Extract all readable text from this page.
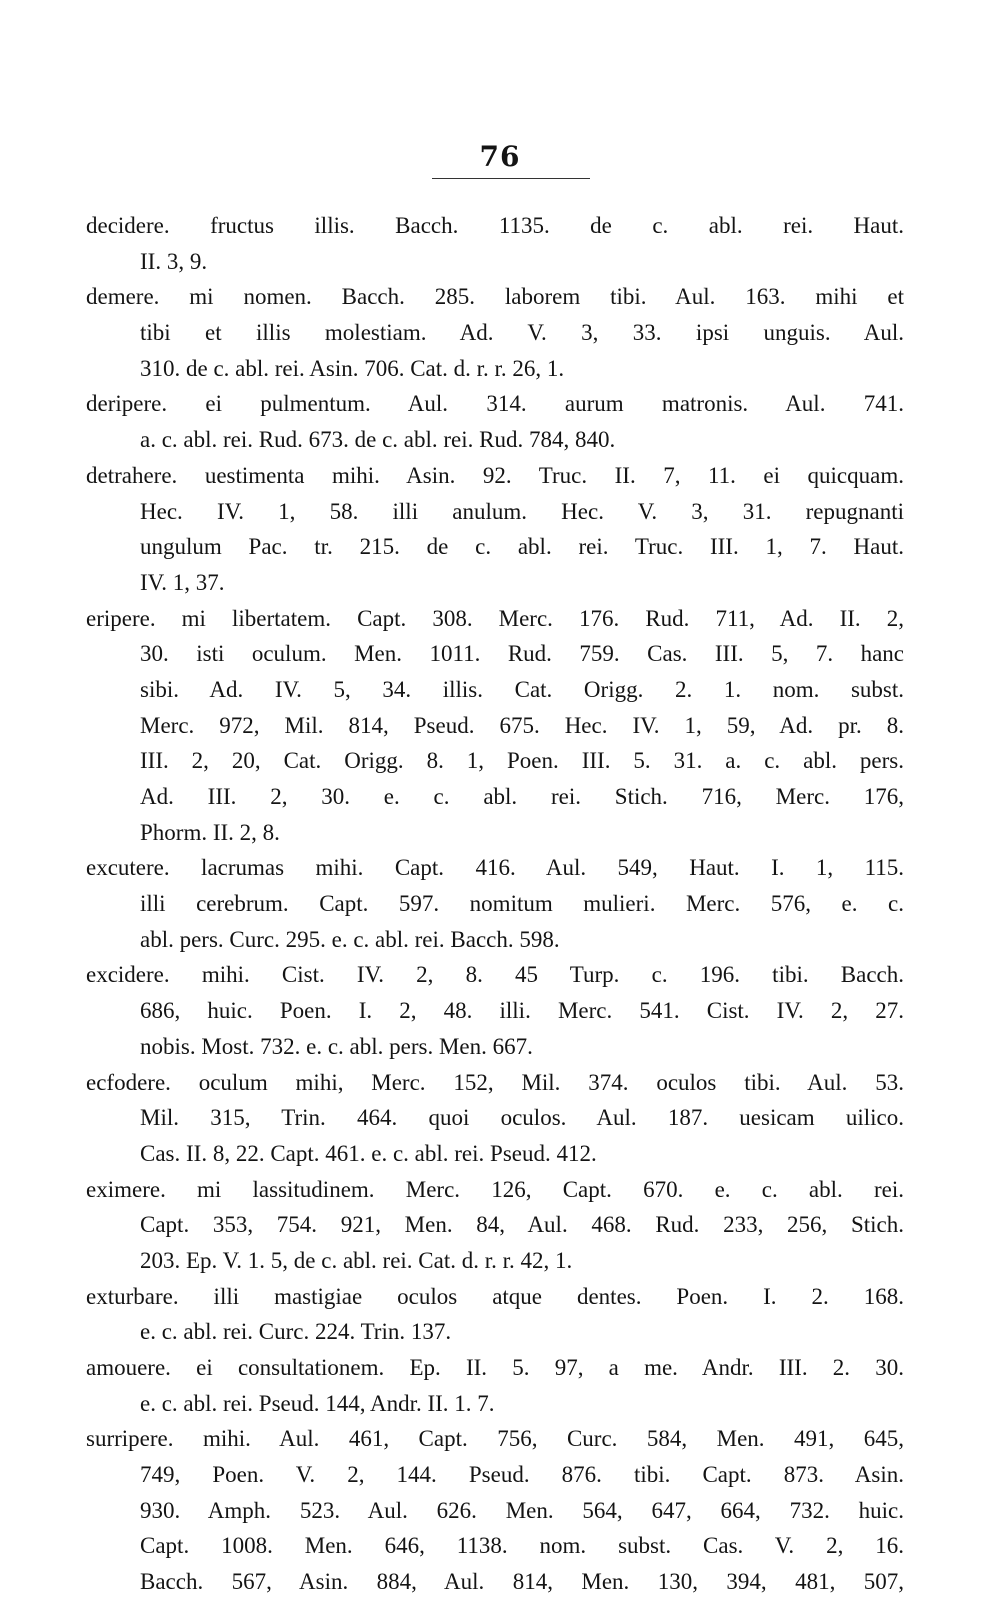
76
decidere. fructus illis. Bacch. 1135. de c. abl. rei. Haut.
II. 3, 9.
demere. mi nomen. Bacch. 285. laborem tibi. Aul. 163. mihi et
tibi et illis molestiam. Ad. V. 3, 33. ipsi unguis. Aul.
310. de c. abl. rei. Asin. 706. Cat. d. r. r. 26, 1.
deripere. ei pulmentum. Aul. 314. aurum matronis. Aul. 741.
a. c. abl. rei. Rud. 673. de c. abl. rei. Rud. 784, 840.
detrahere. uestimenta mihi. Asin. 92. Truc. II. 7, 11. ei quicquam.
Hec. IV. 1, 58. illi anulum. Hec. V. 3, 31. repugnanti
ungulum Pac. tr. 215. de c. abl. rei. Truc. III. 1, 7. Haut.
IV. 1, 37.
eripere. mi libertatem. Capt. 308. Merc. 176. Rud. 711, Ad. II. 2,
30. isti oculum. Men. 1011. Rud. 759. Cas. III. 5, 7. hanc
sibi. Ad. IV. 5, 34. illis. Cat. Origg. 2. 1. nom. subst.
Merc. 972, Mil. 814, Pseud. 675. Hec. IV. 1, 59, Ad. pr. 8.
III. 2, 20, Cat. Origg. 8. 1, Poen. III. 5. 31. a. c. abl. pers.
Ad. III. 2, 30. e. c. abl. rei. Stich. 716, Merc. 176,
Phorm. II. 2, 8.
excutere. lacrumas mihi. Capt. 416. Aul. 549, Haut. I. 1, 115.
illi cerebrum. Capt. 597. nomitum mulieri. Merc. 576, e. c.
abl. pers. Curc. 295. e. c. abl. rei. Bacch. 598.
excidere. mihi. Cist. IV. 2, 8. 45 Turp. c. 196. tibi. Bacch.
686, huic. Poen. I. 2, 48. illi. Merc. 541. Cist. IV. 2, 27.
nobis. Most. 732. e. c. abl. pers. Men. 667.
ecfodere. oculum mihi, Merc. 152, Mil. 374. oculos tibi. Aul. 53.
Mil. 315, Trin. 464. quoi oculos. Aul. 187. uesicam uilico.
Cas. II. 8, 22. Capt. 461. e. c. abl. rei. Pseud. 412.
eximere. mi lassitudinem. Merc. 126, Capt. 670. e. c. abl. rei.
Capt. 353, 754. 921, Men. 84, Aul. 468. Rud. 233, 256, Stich.
203. Ep. V. 1. 5, de c. abl. rei. Cat. d. r. r. 42, 1.
exturbare. illi mastigiae oculos atque dentes. Poen. I. 2. 168.
e. c. abl. rei. Curc. 224. Trin. 137.
amouere. ei consultationem. Ep. II. 5. 97, a me. Andr. III. 2. 30.
e. c. abl. rei. Pseud. 144, Andr. II. 1. 7.
surripere. mihi. Aul. 461, Capt. 756, Curc. 584, Men. 491, 645,
749, Poen. V. 2, 144. Pseud. 876. tibi. Capt. 873. Asin.
930. Amph. 523. Aul. 626. Men. 564, 647, 664, 732. huic.
Capt. 1008. Men. 646, 1138. nom. subst. Cas. V. 2, 16.
Bacch. 567, Asin. 884, Aul. 814, Men. 130, 394, 481, 507,
